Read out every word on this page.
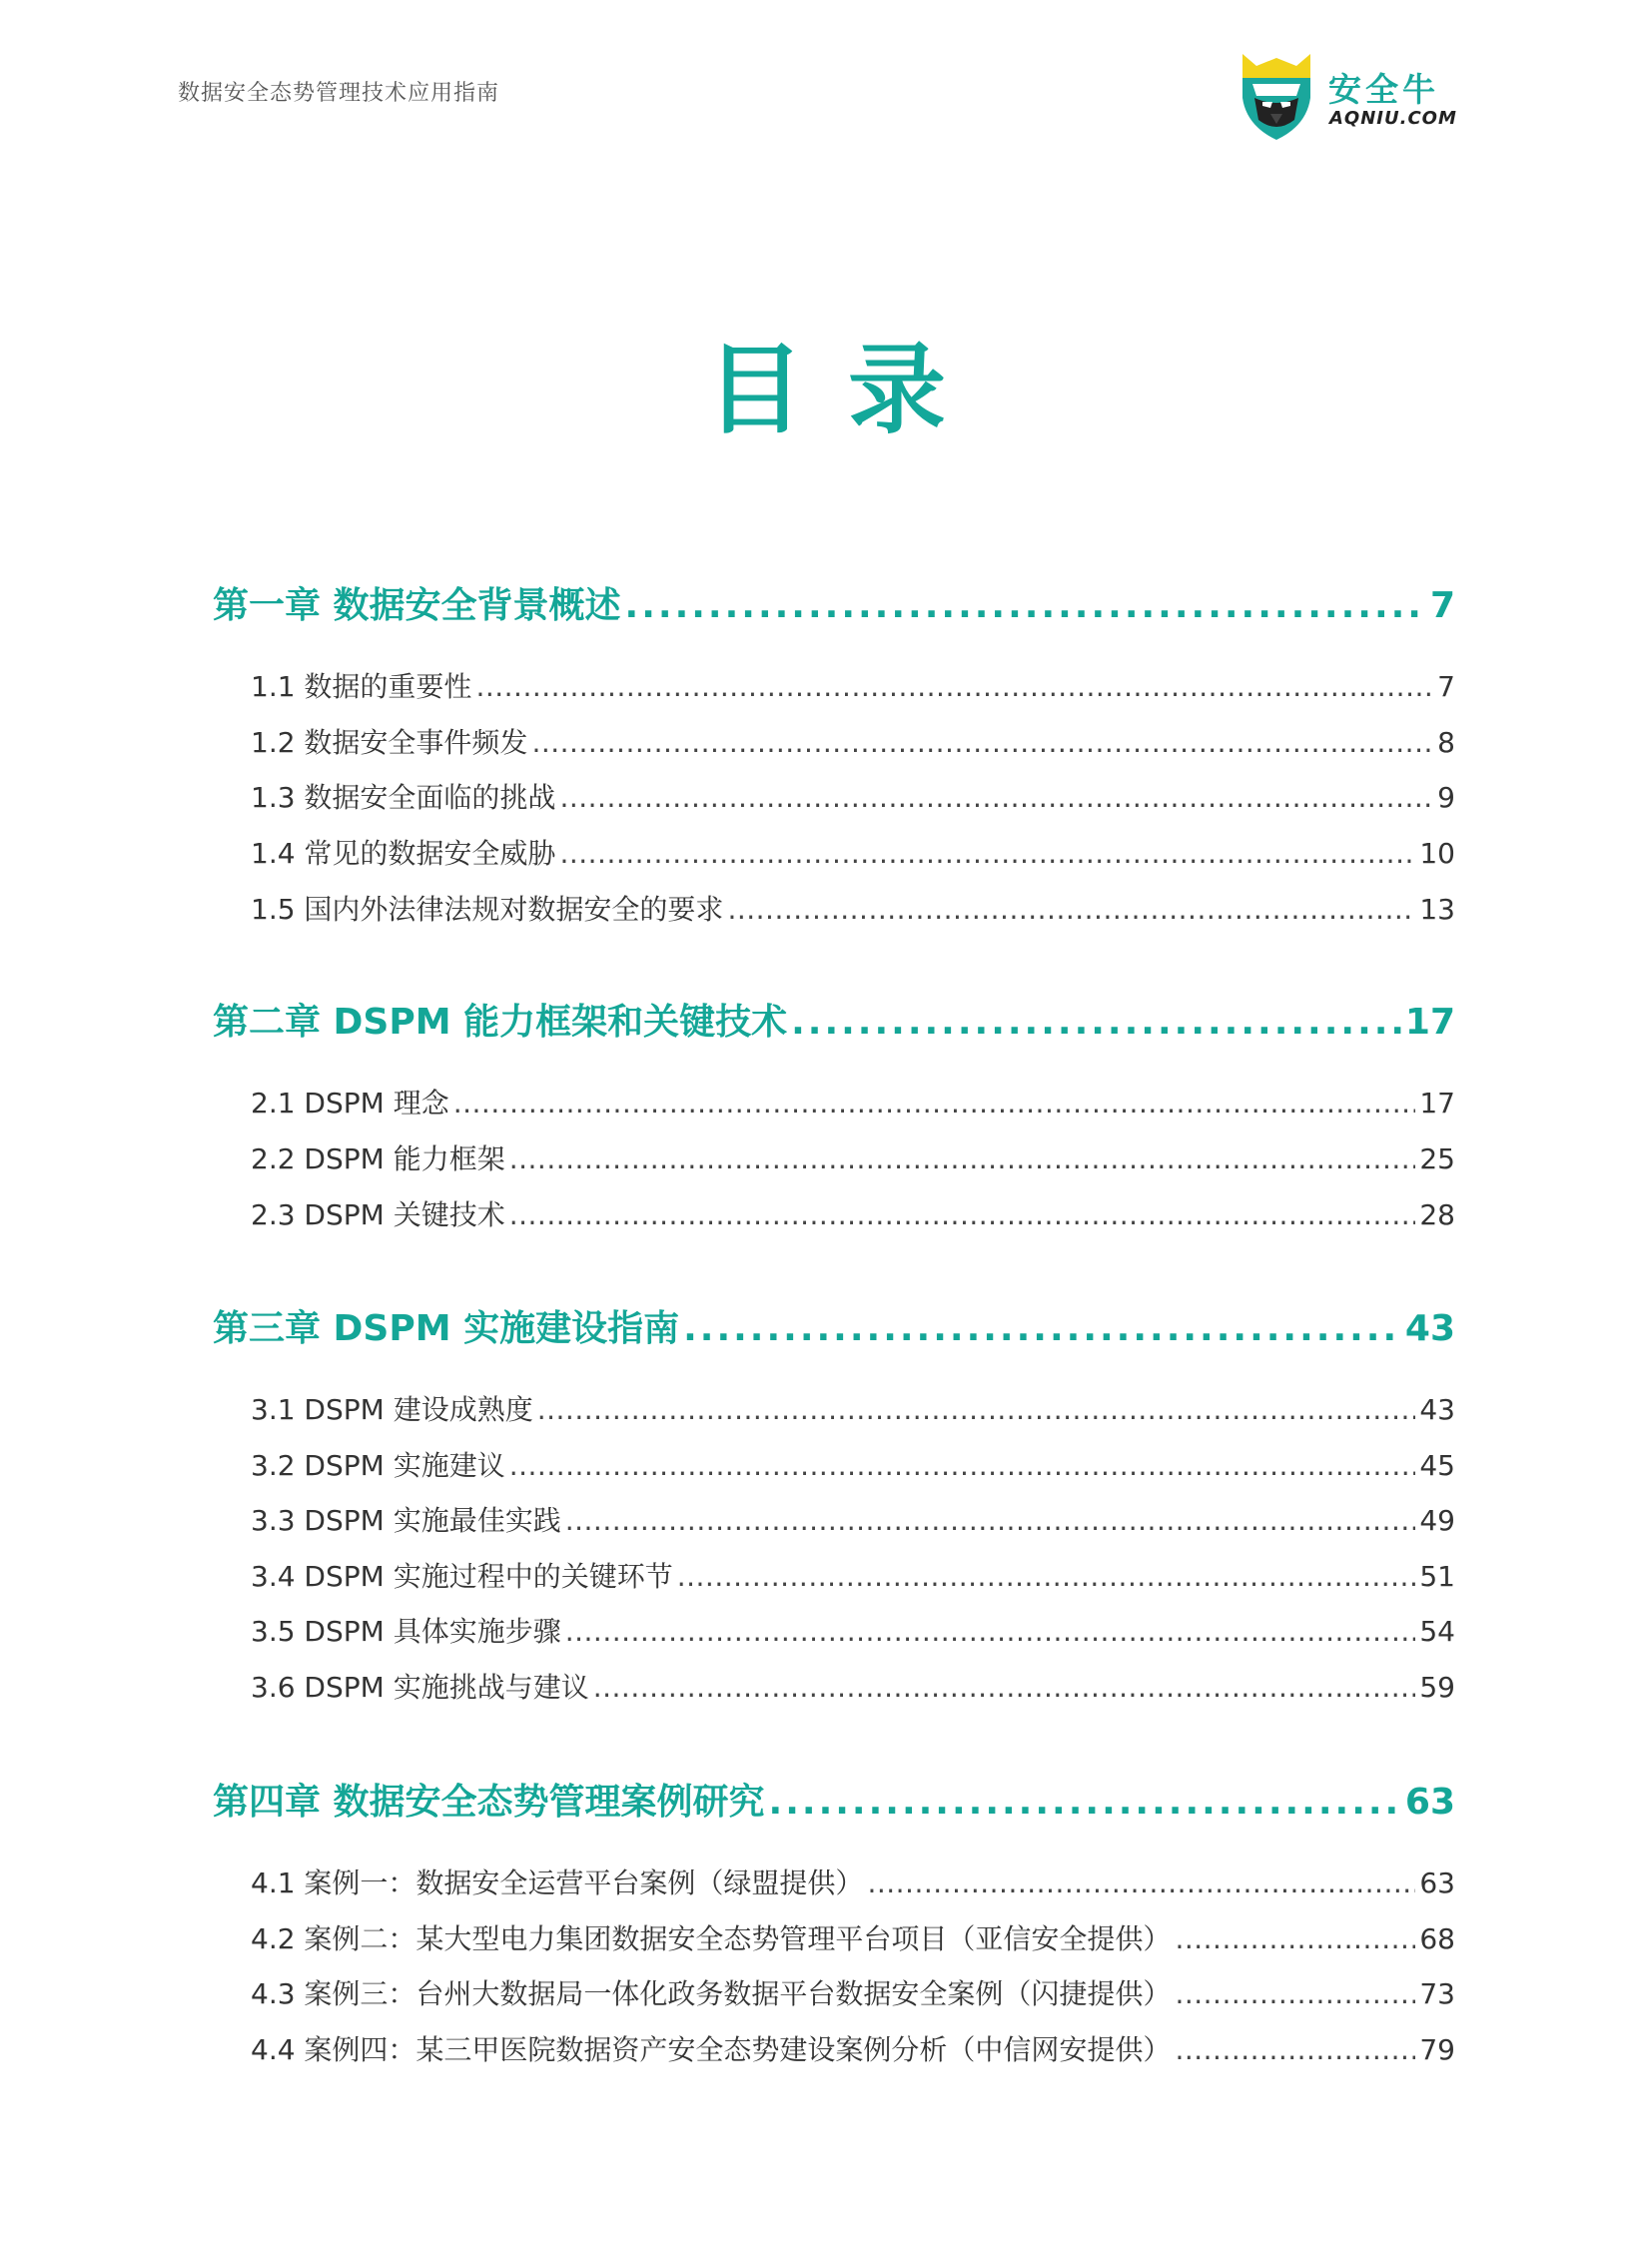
数据安全态势管理技术应用指南	安全牛
AQNIU.COM
目录
第一章 数据安全背景概述 .....	7
1.1 数据的重要性 .....	7
1.2 数据安全事件频发 .....	8
1.3 数据安全面临的挑战 .....	9
1.4 常见的数据安全威胁 .....	10
1.5 国内外法律法规对数据安全的要求 .....	13
第二章 DSPM 能力框架和关键技术 .....	17
2.1 DSPM 理念 .....	17
2.2 DSPM 能力框架 .....	25
2.3 DSPM 关键技术 .....	28
第三章 DSPM 实施建设指南 .....	43
3.1 DSPM 建设成熟度 .....	43
3.2 DSPM 实施建议 .....	45
3.3 DSPM 实施最佳实践 .....	49
3.4 DSPM 实施过程中的关键环节 .....	51
3.5 DSPM 具体实施步骤 .....	54
3.6 DSPM 实施挑战与建议 .....	59
第四章 数据安全态势管理案例研究 .....	63
4.1 案例一：数据安全运营平台案例（绿盟提供） .....	63
4.2 案例二：某大型电力集团数据安全态势管理平台项目（亚信安全提供） .....	68
4.3 案例三：台州大数据局一体化政务数据平台数据安全案例（闪捷提供） .....	73
4.4 案例四：某三甲医院数据资产安全态势建设案例分析（中信网安提供） .....	79
